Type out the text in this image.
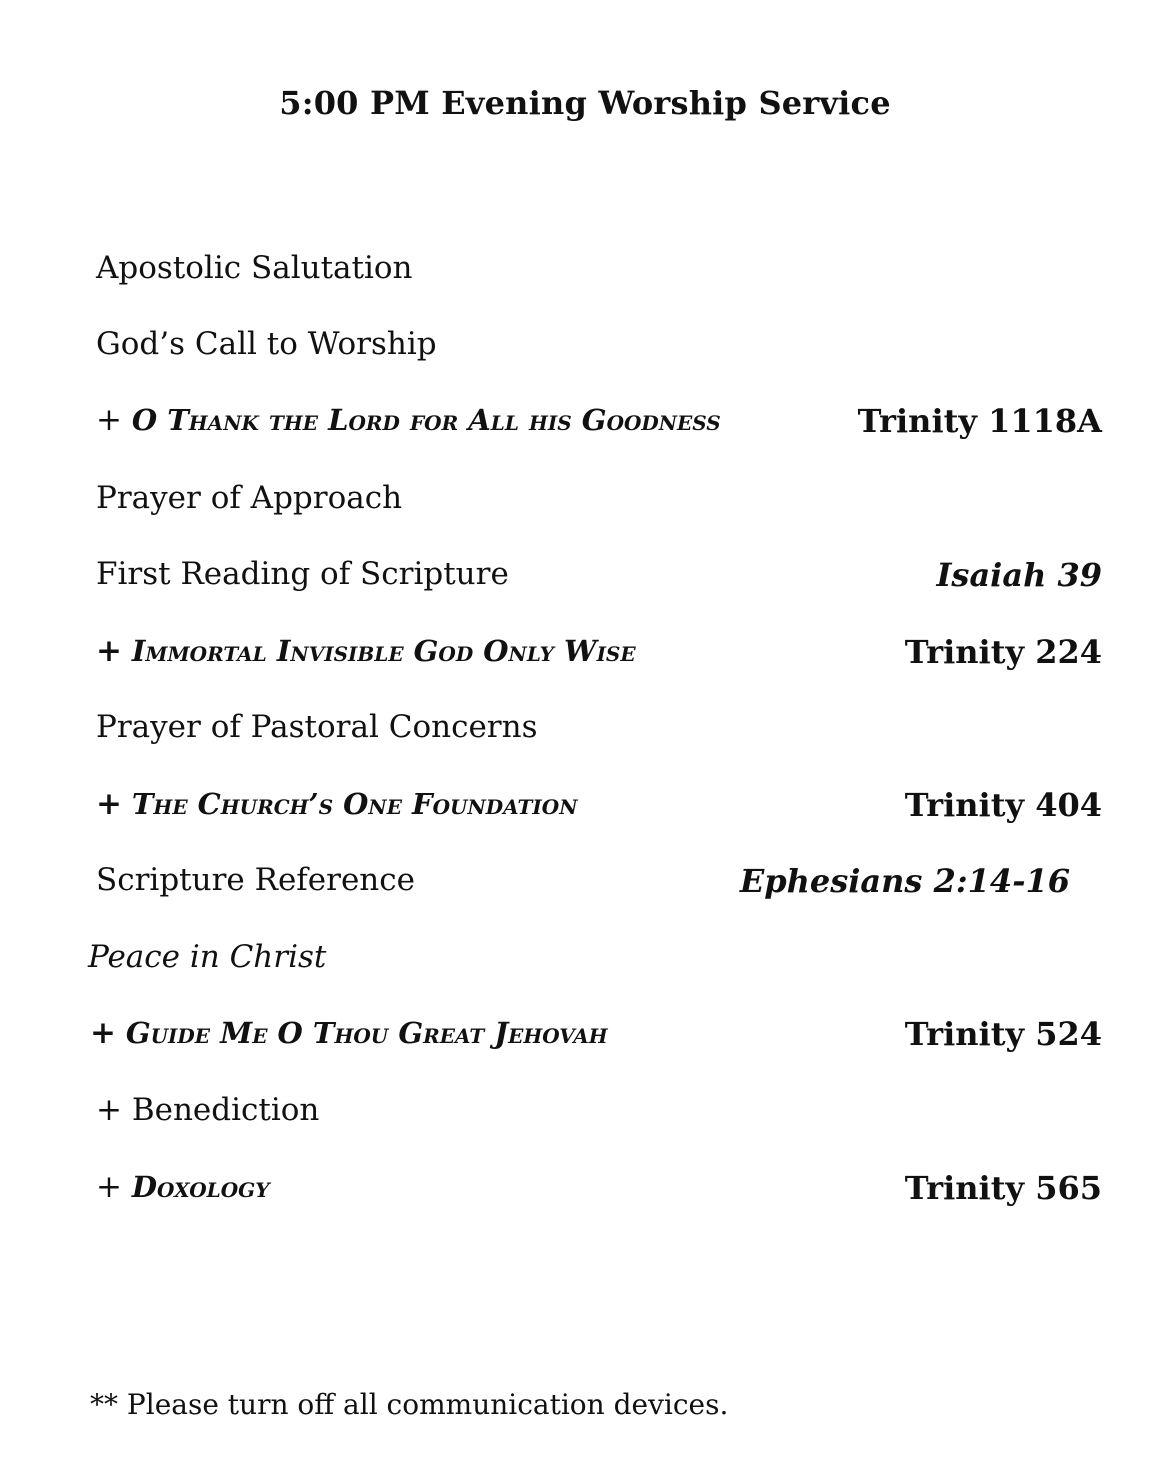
5:00 PM Evening Worship Service
Apostolic Salutation
God’s Call to Worship
+ O Thank the Lord for All his Goodness	Trinity 1118A
Prayer of Approach
First Reading of Scripture	Isaiah 39
+ Immortal Invisible God Only Wise	Trinity 224
Prayer of Pastoral Concerns
+ The Church’s One Foundation	Trinity 404
Scripture Reference	Ephesians 2:14-16
Peace in Christ
+ Guide Me O Thou Great Jehovah	Trinity 524
+ Benediction
+ Doxology	Trinity 565
** Please turn off all communication devices.
